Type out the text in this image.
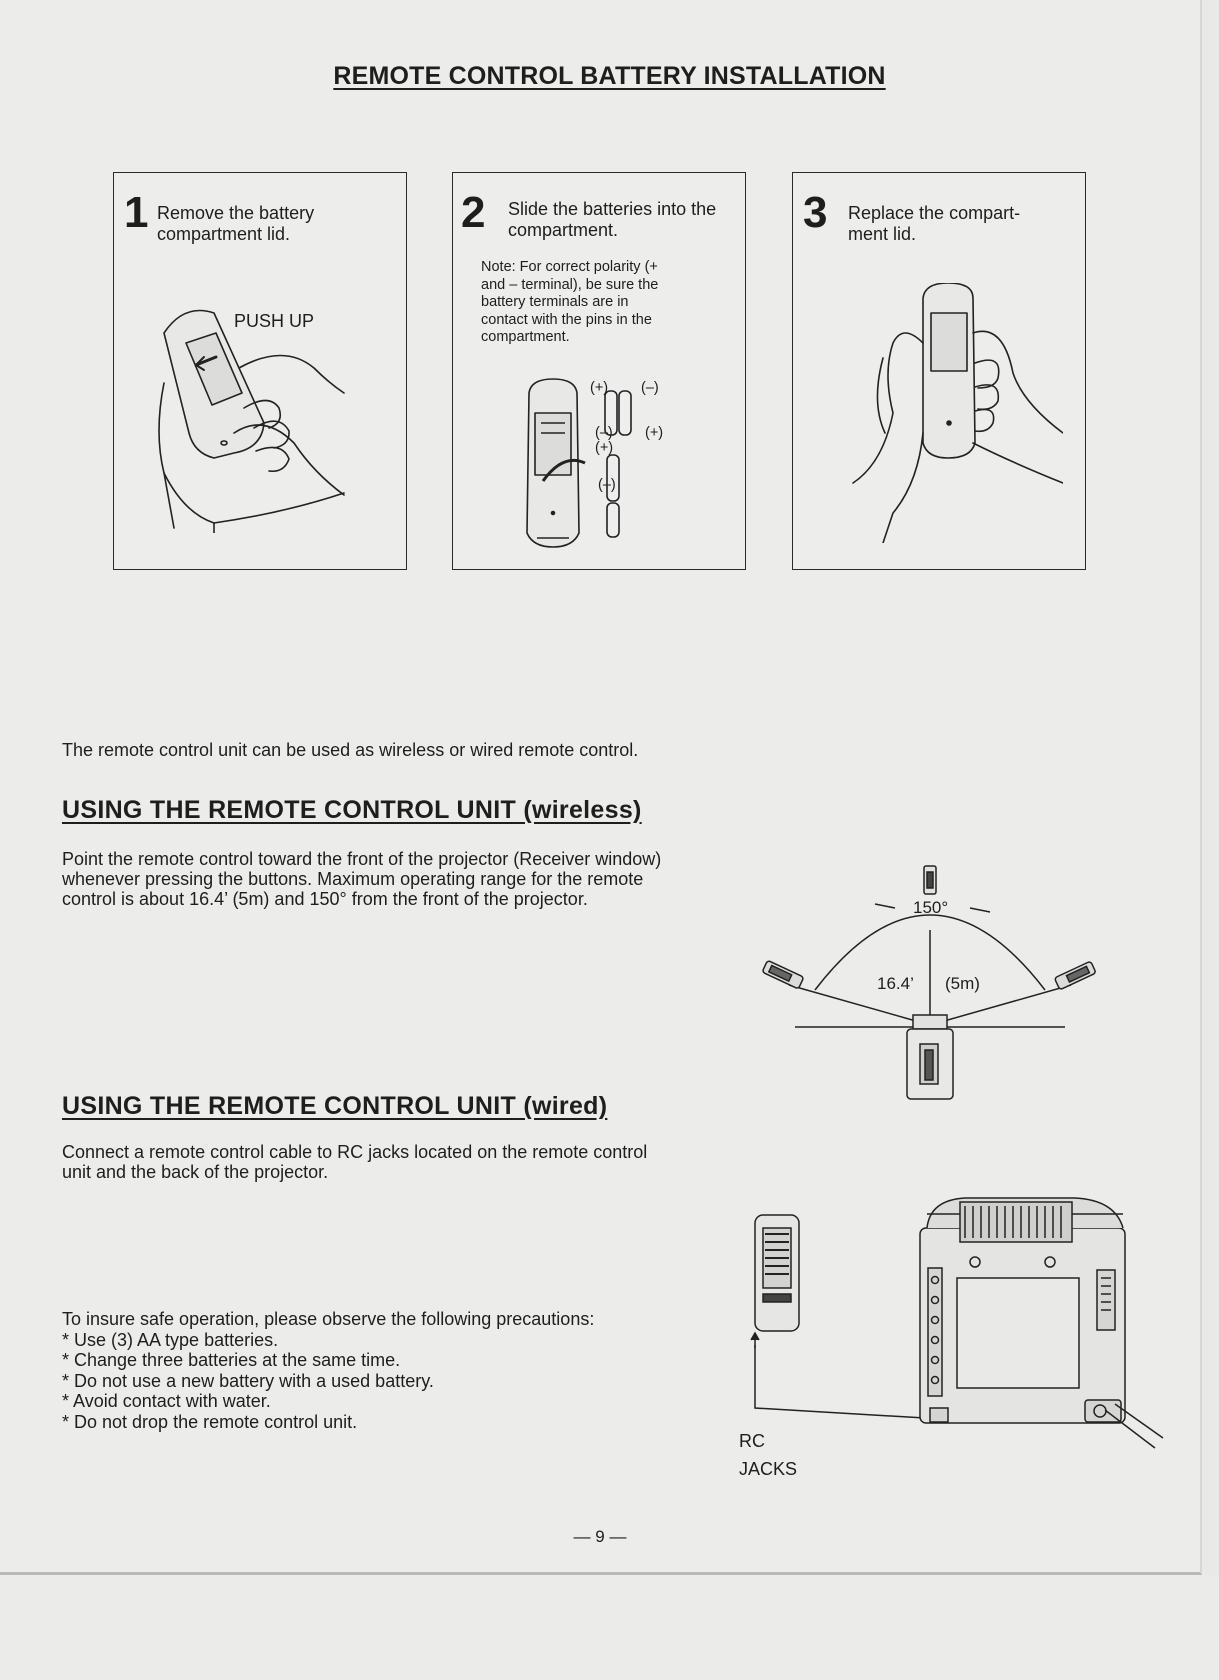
REMOTE CONTROL BATTERY INSTALLATION
1 Remove the battery
compartment lid.
PUSH UP
2 Slide the batteries into the
compartment.
Note: For correct polarity (+
and – terminal), be sure the
battery terminals are in
contact with the pins in the
compartment.
(+) (–)
(–) (+)
(+)
(–)
3 Replace the compart-
ment lid.
The remote control unit can be used as wireless or wired remote control.
USING THE REMOTE CONTROL UNIT (wireless)
Point the remote control toward the front of the projector (Receiver window)
whenever pressing the buttons. Maximum operating range for the remote
control is about 16.4’ (5m) and 150° from the front of the projector.	150°
16.4’ (5m)
USING THE REMOTE CONTROL UNIT (wired)
Connect a remote control cable to RC jacks located on the remote control
unit and the back of the projector.
RC
JACKS
To insure safe operation, please observe the following precautions:
* Use (3) AA type batteries.
* Change three batteries at the same time.
* Do not use a new battery with a used battery.
* Avoid contact with water.
* Do not drop the remote control unit.
— 9 —
